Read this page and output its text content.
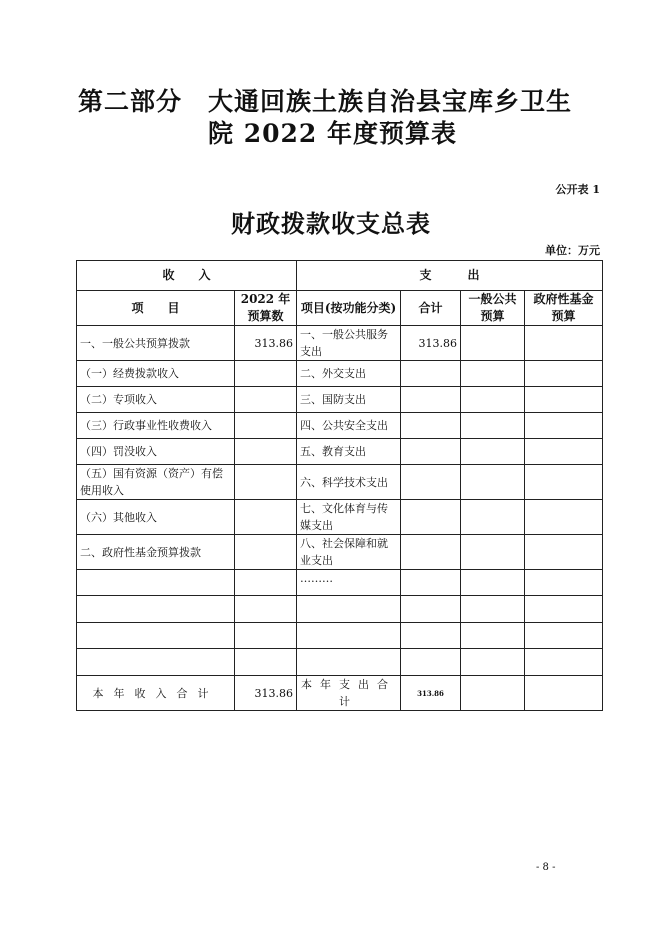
第二部分 大通回族土族自治县宝库乡卫生
院 2022 年度预算表
公开表 1
财政拨款收支总表
单位：万元
收　　入		支　　　出			
项　　目	2022 年预算数	项目(按功能分类)	合计	一般公共预算	政府性基金预算
一、一般公共预算拨款	313.86	一、一般公共服务支出	313.86		
（一）经费拨款收入		二、外交支出			
（二）专项收入		三、国防支出			
（三）行政事业性收费收入		四、公共安全支出			
（四）罚没收入		五、教育支出			
（五）国有资源（资产）有偿使用收入		六、科学技术支出			
（六）其他收入		七、文化体育与传媒支出			
二、政府性基金预算拨款		八、社会保障和就业支出			
		………			

本年收入合计	313.86	本年支出合计	313.86		
- 8 -
